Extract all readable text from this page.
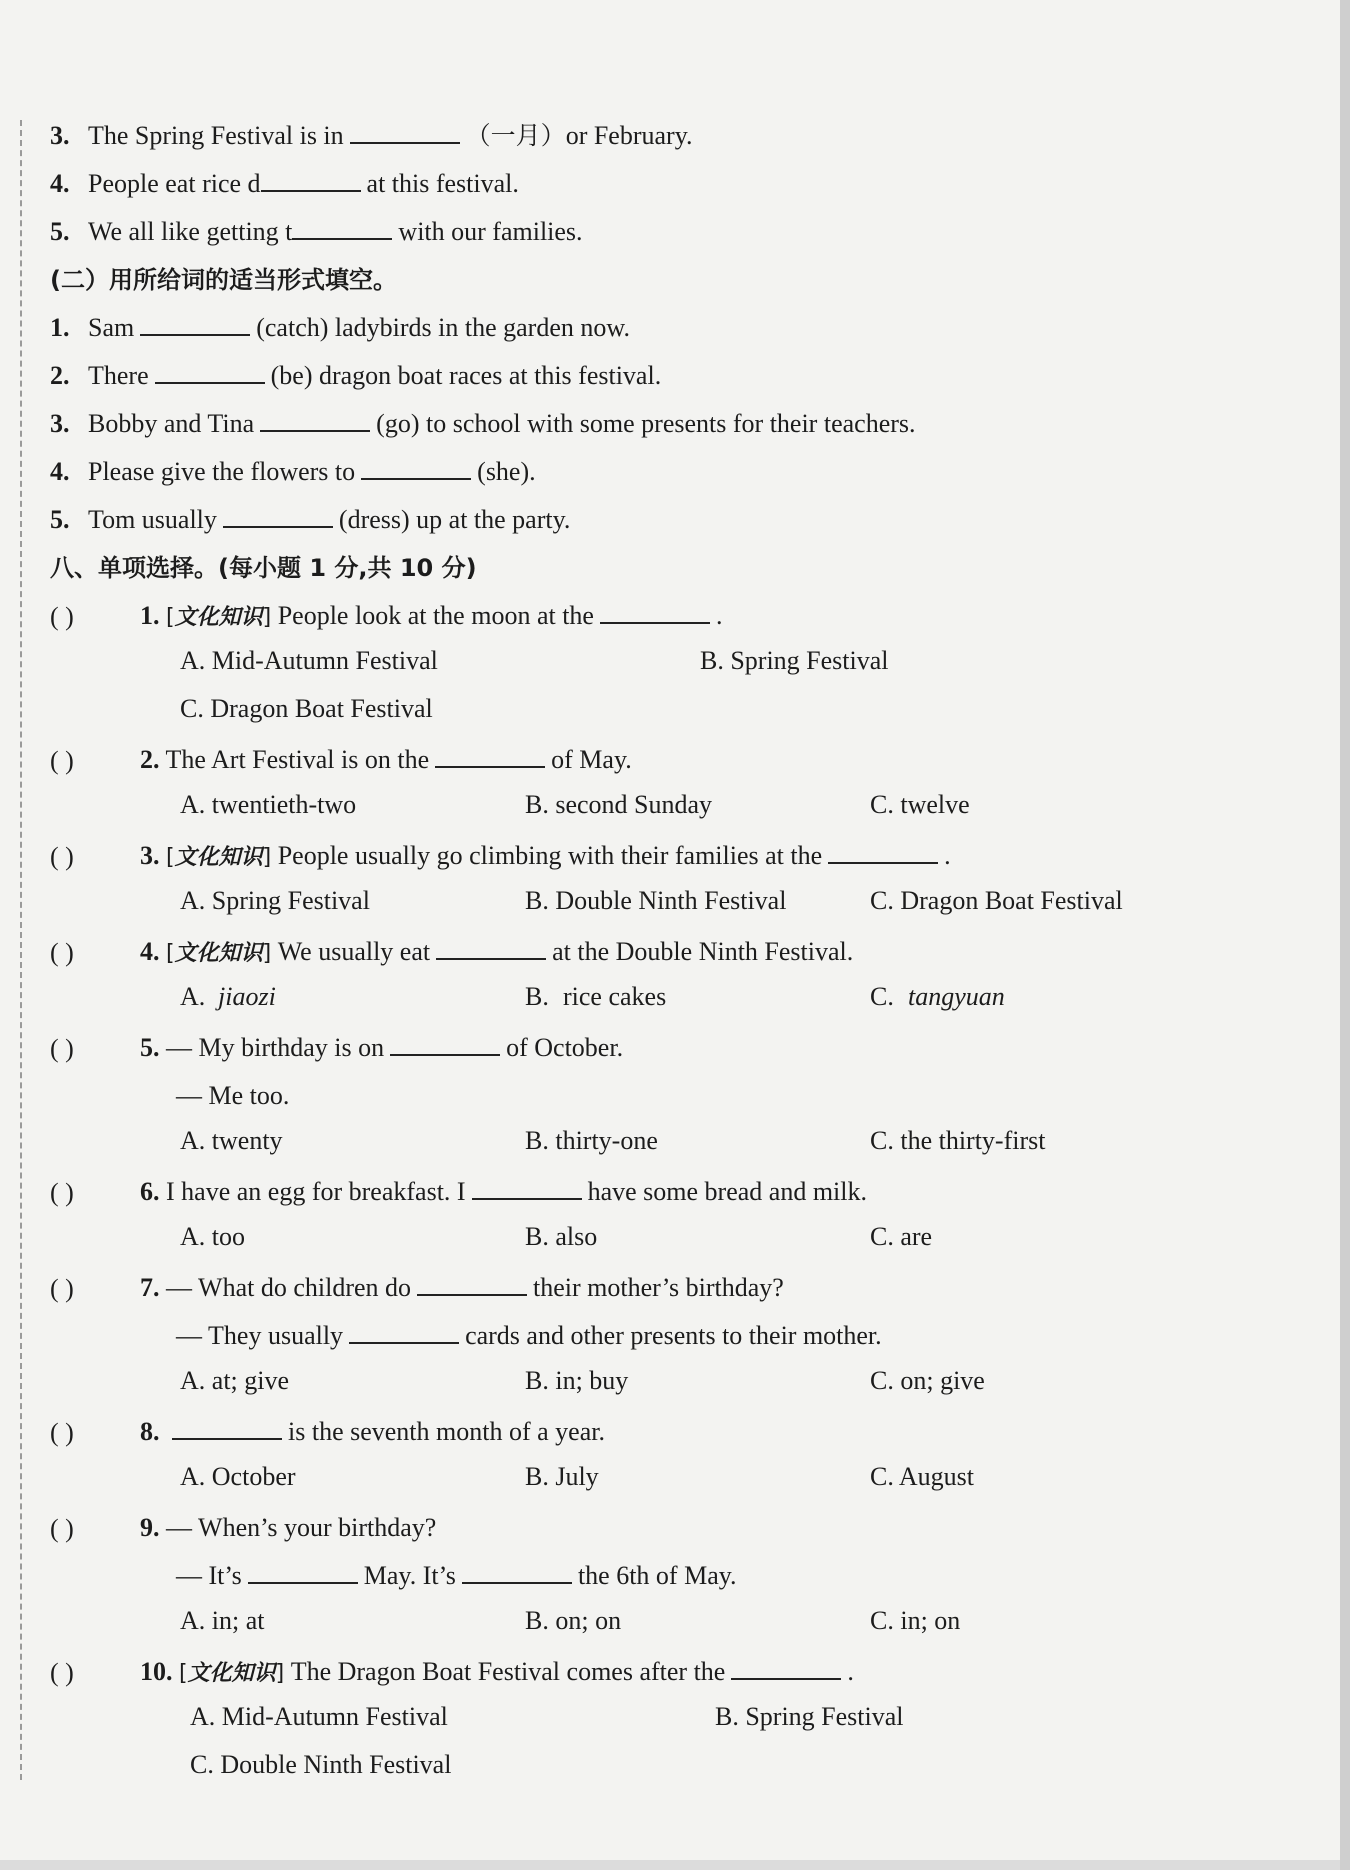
3. The Spring Festival is in	（一月）or February.
4. People eat rice d	at this festival.
5. We all like getting t	with our families.
(二）用所给词的适当形式填空。
1. Sam	(catch) ladybirds in the garden now.
2. There	(be) dragon boat races at this festival.
3. Bobby and Tina	(go) to school with some presents for their teachers.
4. Please give the flowers to	(she).
5. Tom usually	(dress) up at the party.
八、单项选择。(每小题 1 分,共 10 分)
( )	1. [文化知识] People look at the moon at the	.
A. Mid-Autumn Festival	B. Spring Festival
C. Dragon Boat Festival
( )	2. The Art Festival is on the	of May.
A. twentieth-two	B. second Sunday	C. twelve
( )	3. [文化知识] People usually go climbing with their families at the	.
A. Spring Festival	B. Double Ninth Festival	C. Dragon Boat Festival
( )	4. [文化知识] We usually eat	at the Double Ninth Festival.
A. jiaozi	B. rice cakes	C. tangyuan
( )	5. — My birthday is on	of October.
— Me too.
A. twenty	B. thirty-one	C. the thirty-first
( )	6. I have an egg for breakfast. I	have some bread and milk.
A. too	B. also	C. are
( )	7. — What do children do	their mother’s birthday?
— They usually	cards and other presents to their mother.
A. at; give	B. in; buy	C. on; give
( )	8.	is the seventh month of a year.
A. October	B. July	C. August
( )	9. — When’s your birthday?
— It’s	May. It’s	the 6th of May.
A. in; at	B. on; on	C. in; on
( )	10. [文化知识] The Dragon Boat Festival comes after the	.
A. Mid-Autumn Festival	B. Spring Festival
C. Double Ninth Festival
